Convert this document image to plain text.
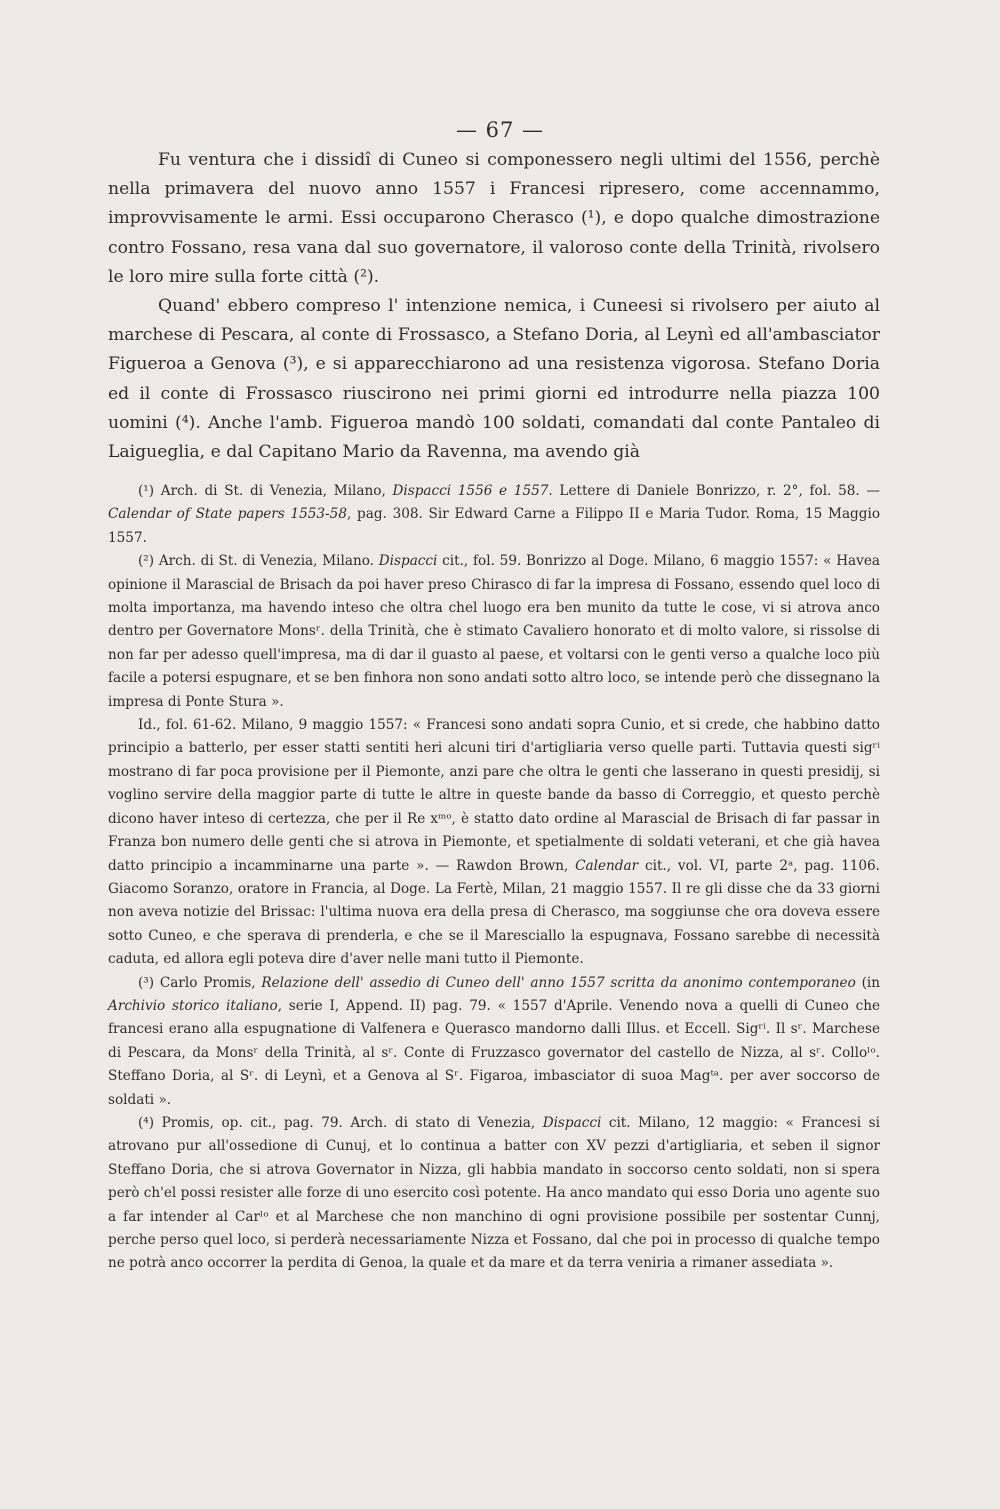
— 67 —

Fu ventura che i dissidî di Cuneo si componessero negli ultimi del 1556, perchè nella primavera del nuovo anno 1557 i Francesi ripresero, come accennammo, improvvisamente le armi. Essi occuparono Cherasco (¹), e dopo qualche dimostrazione contro Fossano, resa vana dal suo governatore, il valoroso conte della Trinità, rivolsero le loro mire sulla forte città (²).

Quand' ebbero compreso l' intenzione nemica, i Cuneesi si rivolsero per aiuto al marchese di Pescara, al conte di Frossasco, a Stefano Doria, al Leynì ed all'ambasciator Figueroa a Genova (³), e si apparecchiarono ad una resistenza vigorosa. Stefano Doria ed il conte di Frossasco riuscirono nei primi giorni ed introdurre nella piazza 100 uomini (⁴). Anche l'amb. Figueroa mandò 100 soldati, comandati dal conte Pantaleo di Laigueglia, e dal Capitano Mario da Ravenna, ma avendo già

(¹) Arch. di St. di Venezia, Milano, Dispacci 1556 e 1557. Lettere di Daniele Bonrizzo, r. 2°, fol. 58. — Calendar of State papers 1553-58, pag. 308. Sir Edward Carne a Filippo II e Maria Tudor. Roma, 15 Maggio 1557.

(²) Arch. di St. di Venezia, Milano. Dispacci cit., fol. 59. Bonrizzo al Doge. Milano, 6 maggio 1557: « Havea opinione il Marascial de Brisach da poi haver preso Chirasco di far la impresa di Fossano, essendo quel loco di molta importanza, ma havendo inteso che oltra chel luogo era ben munito da tutte le cose, vi si atrova anco dentro per Governatore Monsʳ. della Trinità, che è stimato Cavaliero honorato et di molto valore, si rissolse di non far per adesso quell'impresa, ma di dar il guasto al paese, et voltarsi con le genti verso a qualche loco più facile a potersi espugnare, et se ben finhora non sono andati sotto altro loco, se intende però che dissegnano la impresa di Ponte Stura ».

Id., fol. 61-62. Milano, 9 maggio 1557: « Francesi sono andati sopra Cunio, et si crede, che habbino datto principio a batterlo, per esser statti sentiti heri alcuni tiri d'artigliaria verso quelle parti. Tuttavia questi sigʳⁱ mostrano di far poca provisione per il Piemonte, anzi pare che oltra le genti che lasserano in questi presidij, si voglino servire della maggior parte di tutte le altre in queste bande da basso di Correggio, et questo perchè dicono haver inteso di certezza, che per il Re xᵐᵒ, è statto dato ordine al Marascial de Brisach di far passar in Franza bon numero delle genti che si atrova in Piemonte, et spetialmente di soldati veterani, et che già havea datto principio a incamminarne una parte ». — Rawdon Brown, Calendar cit., vol. VI, parte 2ᵃ, pag. 1106. Giacomo Soranzo, oratore in Francia, al Doge. La Fertè, Milan, 21 maggio 1557. Il re gli disse che da 33 giorni non aveva notizie del Brissac: l'ultima nuova era della presa di Cherasco, ma soggiunse che ora doveva essere sotto Cuneo, e che sperava di prenderla, e che se il Maresciallo la espugnava, Fossano sarebbe di necessità caduta, ed allora egli poteva dire d'aver nelle mani tutto il Piemonte.

(³) Carlo Promis, Relazione dell' assedio di Cuneo dell' anno 1557 scritta da anonimo contemporaneo (in Archivio storico italiano, serie I, Append. II) pag. 79. « 1557 d'Aprile. Venendo nova a quelli di Cuneo che francesi erano alla espugnatione di Valfenera e Querasco mandorno dalli Illus. et Eccell. Sigʳⁱ. Il sʳ. Marchese di Pescara, da Monsʳ della Trinità, al sʳ. Conte di Fruzzasco governator del castello de Nizza, al sʳ. Colloˡᵒ. Steffano Doria, al Sʳ. di Leynì, et a Genova al Sʳ. Figaroa, imbasciator di suoa Magᵗᵃ. per aver soccorso de soldati ».

(⁴) Promis, op. cit., pag. 79. Arch. di stato di Venezia, Dispacci cit. Milano, 12 maggio: « Francesi si atrovano pur all'ossedione di Cunuj, et lo continua a batter con XV pezzi d'artigliaria, et seben il signor Steffano Doria, che si atrova Governator in Nizza, gli habbia mandato in soccorso cento soldati, non si spera però ch'el possi resister alle forze di uno esercito così potente. Ha anco mandato qui esso Doria uno agente suo a far intender al Carˡᵒ et al Marchese che non manchino di ogni provisione possibile per sostentar Cunnj, perche perso quel loco, si perderà necessariamente Nizza et Fossano, dal che poi in processo di qualche tempo ne potrà anco occorrer la perdita di Genoa, la quale et da mare et da terra veniria a rimaner assediata ».
